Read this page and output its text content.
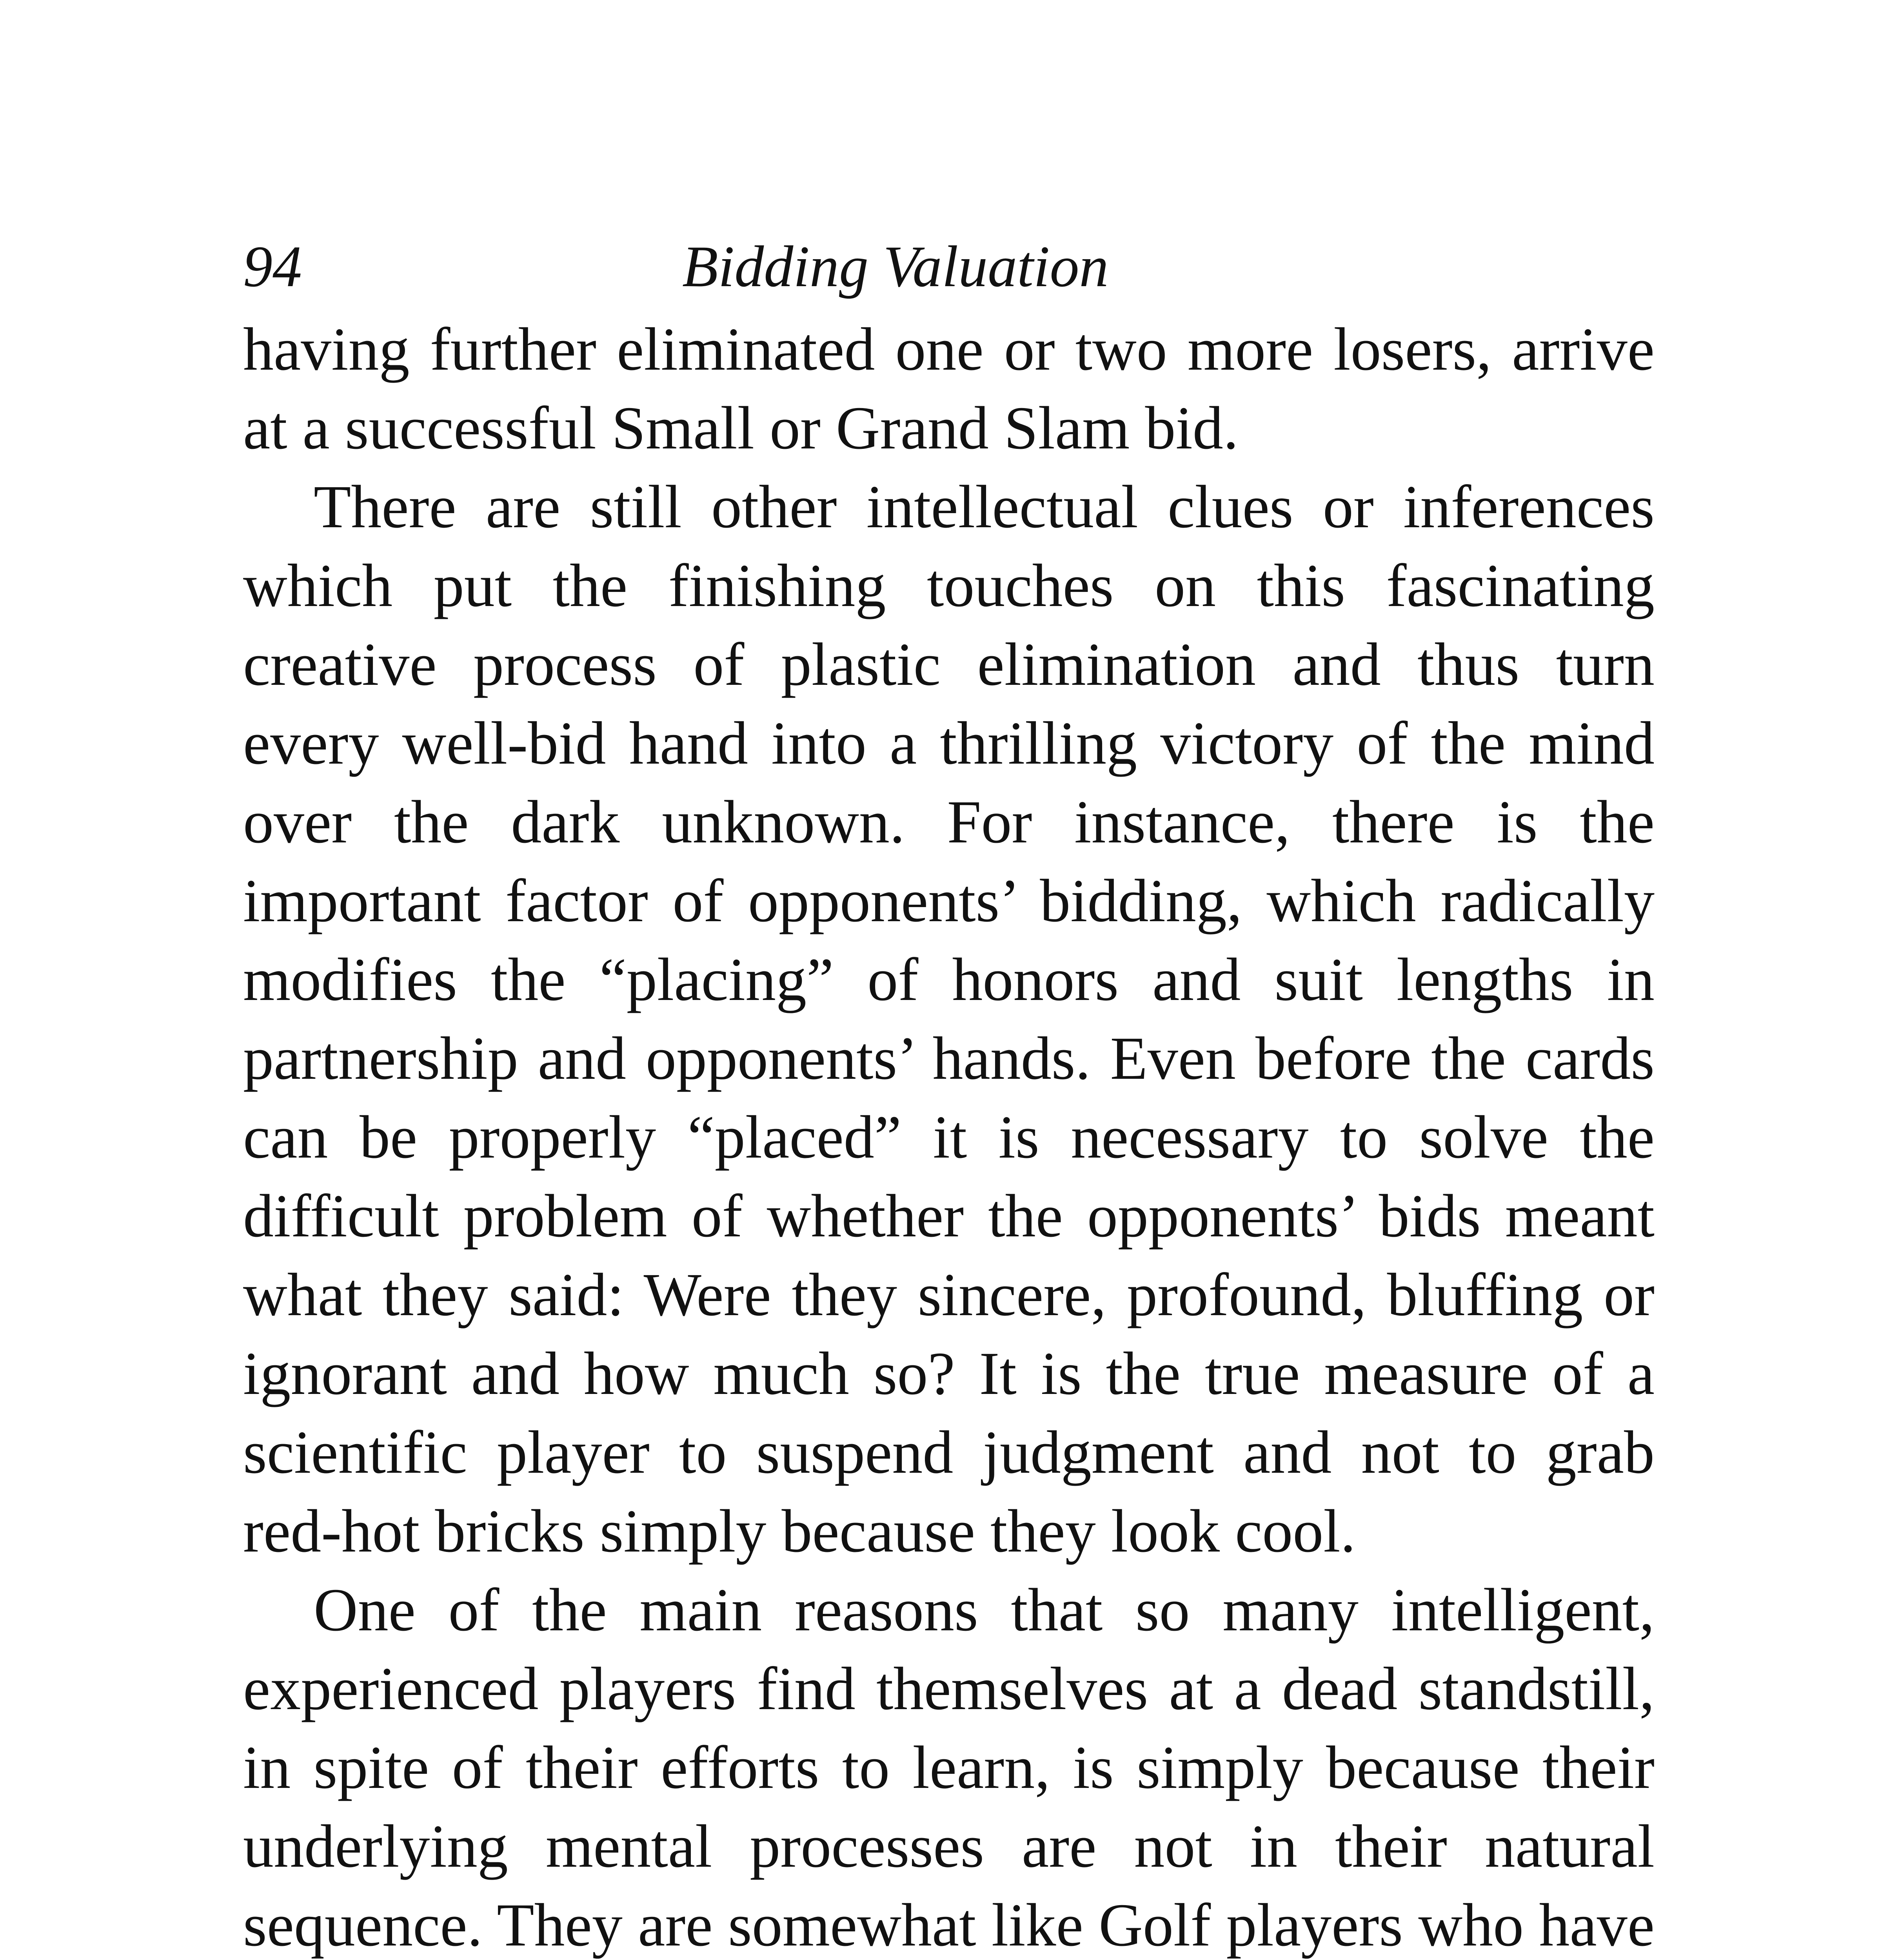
94	Bidding Valuation

having further eliminated one or two more losers, arrive at a successful Small or Grand Slam bid.

There are still other intellectual clues or inferences which put the finishing touches on this fascinating creative process of plastic elimination and thus turn every well-bid hand into a thrilling victory of the mind over the dark unknown. For instance, there is the important factor of opponents’ bidding, which radically modifies the “placing” of honors and suit lengths in partnership and opponents’ hands. Even before the cards can be properly “placed” it is necessary to solve the difficult problem of whether the opponents’ bids meant what they said: Were they sincere, profound, bluffing or ignorant and how much so? It is the true measure of a scientific player to suspend judgment and not to grab red-hot bricks simply because they look cool.

One of the main reasons that so many intelligent, experienced players find themselves at a dead standstill, in spite of their efforts to learn, is simply because their underlying mental processes are not in their natural sequence. They are somewhat like Golf players who have
